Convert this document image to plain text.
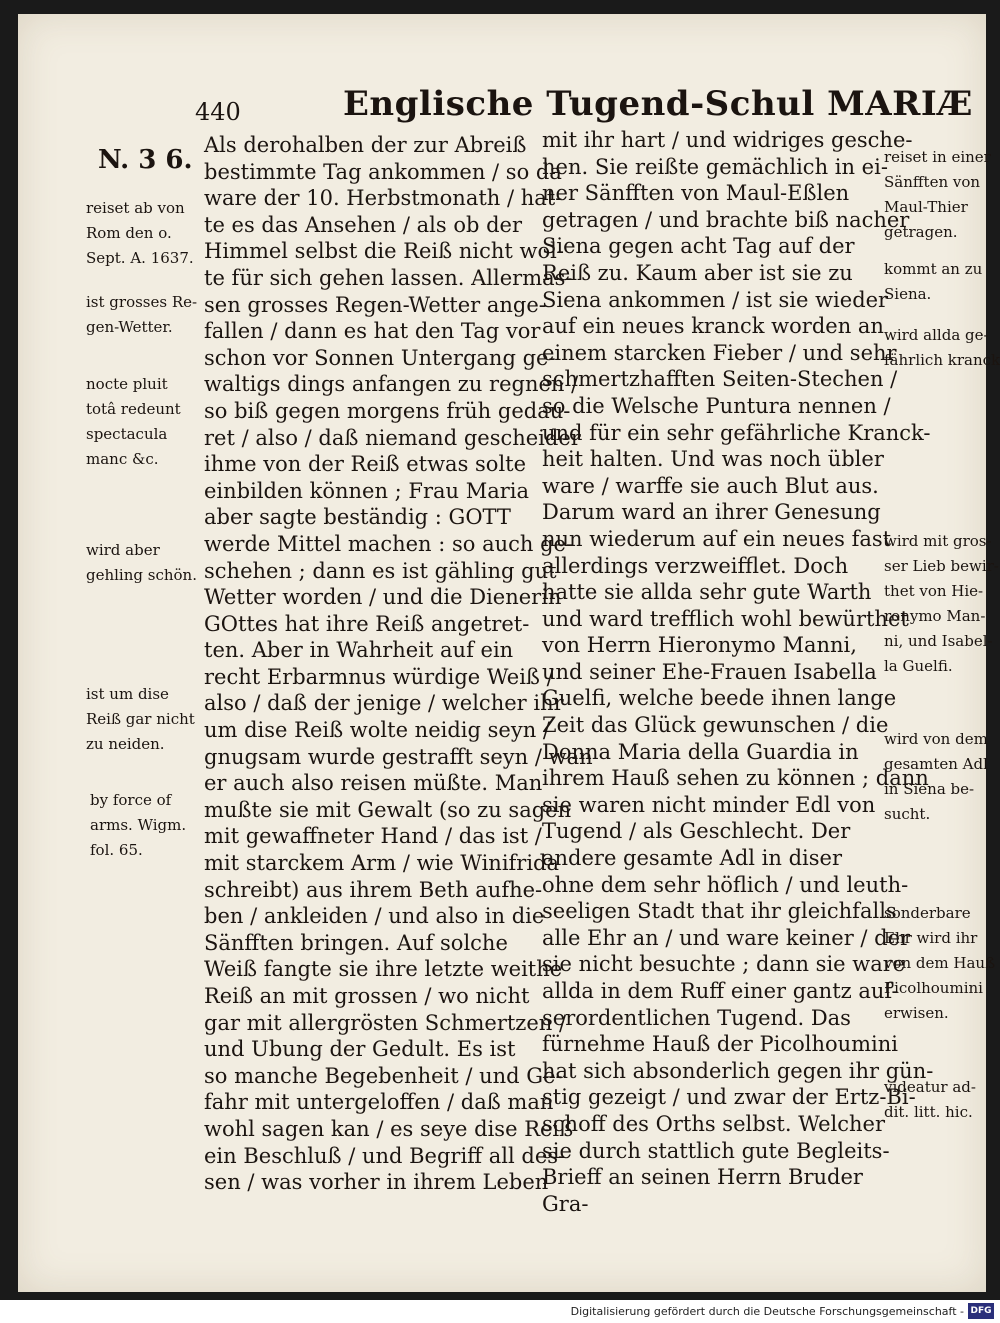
440	Englische Tugend-Schul MARIÆ
N. 3 6.
reiset ab von
Rom den o.
Sept. A. 1637.
ist grosses Re-
gen-Wetter.
nocte pluit
totâ redeunt
spectacula
manc &c.
wird aber
gehling schön.
ist um dise
Reiß gar nicht
zu neiden.
by force of
arms. Wigm.
fol. 65.
Als derohalben der zur Abreiß
bestimmte Tag ankommen / so da
ware der 10. Herbstmonath / hat-
te es das Ansehen / als ob der
Himmel selbst die Reiß nicht wol-
te für sich gehen lassen. Allermas-
sen grosses Regen-Wetter ange-
fallen / dann es hat den Tag vor
schon vor Sonnen Untergang ge-
waltigs dings anfangen zu regnen /
so biß gegen morgens früh gedau-
ret / also / daß niemand gescheider
ihme von der Reiß etwas solte
einbilden können ; Frau Maria
aber sagte beständig : GOTT
werde Mittel machen : so auch ge-
schehen ; dann es ist gähling gut
Wetter worden / und die Dienerin
GOttes hat ihre Reiß angetret-
ten. Aber in Wahrheit auf ein
recht Erbarmnus würdige Weiß /
also / daß der jenige / welcher ihr
um dise Reiß wolte neidig seyn /
gnugsam wurde gestrafft seyn / wan
er auch also reisen müßte. Man
mußte sie mit Gewalt (so zu sagen
mit gewaffneter Hand / das ist /
mit starckem Arm / wie Winifrida
schreibt) aus ihrem Beth aufhe-
ben / ankleiden / und also in die
Sänfften bringen. Auf solche
Weiß fangte sie ihre letzte weithe
Reiß an mit grossen / wo nicht
gar mit allergrösten Schmertzen /
und Ubung der Gedult. Es ist
so manche Begebenheit / und Ge-
fahr mit untergeloffen / daß man
wohl sagen kan / es seye dise Reiß
ein Beschluß / und Begriff all des-
sen / was vorher in ihrem Leben
mit ihr hart / und widriges gesche-
hen. Sie reißte gemächlich in ei-
ner Sänfften von Maul-Eßlen
getragen / und brachte biß nacher
Siena gegen acht Tag auf der
Reiß zu. Kaum aber ist sie zu
Siena ankommen / ist sie wieder
auf ein neues kranck worden an
einem starcken Fieber / und sehr
schmertzhafften Seiten-Stechen /
so die Welsche Puntura nennen /
und für ein sehr gefährliche Kranck-
heit halten. Und was noch übler
ware / warffe sie auch Blut aus.
Darum ward an ihrer Genesung
nun wiederum auf ein neues fast
allerdings verzweifflet. Doch
hatte sie allda sehr gute Warth
und ward trefflich wohl bewürthet
von Herrn Hieronymo Manni,
und seiner Ehe-Frauen Isabella
Guelfi, welche beede ihnen lange
Zeit das Glück gewunschen / die
Donna Maria della Guardia in
ihrem Hauß sehen zu können ; dann
sie waren nicht minder Edl von
Tugend / als Geschlecht. Der
andere gesamte Adl in diser
ohne dem sehr höflich / und leuth-
seeligen Stadt that ihr gleichfalls
alle Ehr an / und ware keiner / der
sie nicht besuchte ; dann sie ware
allda in dem Ruff einer gantz auf-
serordentlichen Tugend. Das
fürnehme Hauß der Picolhoumini
hat sich absonderlich gegen ihr gün-
stig gezeigt / und zwar der Ertz-Bi-
schoff des Orths selbst. Welcher
sie durch stattlich gute Begleits-
Brieff an seinen Herrn Bruder
Gra-
reiset in einer
Sänfften von
Maul-Thier
getragen.
kommt an zu
Siena.
wird allda ge-
fährlich kranck
wird mit gros-
ser Lieb bewir-
thet von Hie-
ronymo Man-
ni, und Isabel-
la Guelfi.
wird von dem
gesamten Adl
in Siena be-
sucht.
sonderbare
Ehr wird ihr
von dem Hauß
Picolhoumini
erwisen.
videatur ad-
dit. litt. hic.
Digitalisierung gefördert durch die Deutsche Forschungsgemeinschaft - DFG
